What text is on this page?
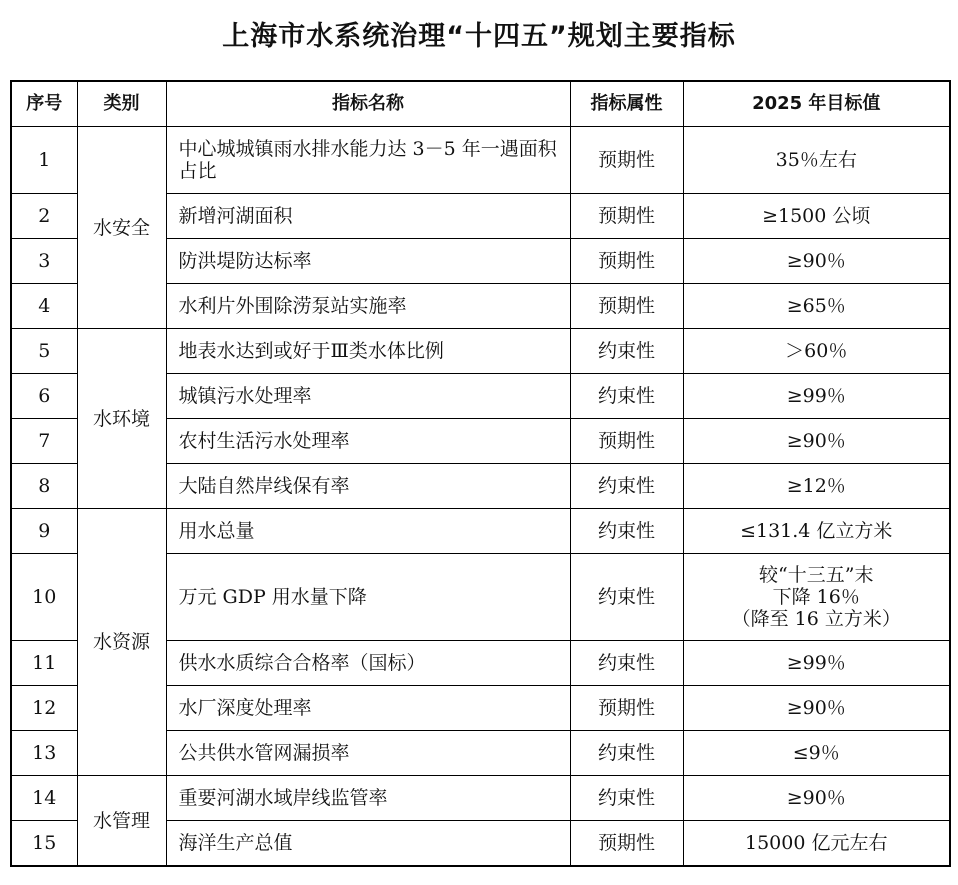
上海市水系统治理“十四五”规划主要指标
序号	类别	指标名称	指标属性	2025 年目标值
1	水安全	中心城城镇雨水排水能力达 3－5 年一遇面积占比	预期性	35％左右
2		新增河湖面积	预期性	≥1500 公顷
3		防洪堤防达标率	预期性	≥90％
4		水利片外围除涝泵站实施率	预期性	≥65％
5	水环境	地表水达到或好于Ⅲ类水体比例	约束性	＞60％
6		城镇污水处理率	约束性	≥99％
7		农村生活污水处理率	预期性	≥90％
8		大陆自然岸线保有率	约束性	≥12％
9	水资源	用水总量	约束性	≤131.4 亿立方米
10		万元 GDP 用水量下降	约束性	较“十三五”末
下降 16％
（降至 16 立方米）

11		供水水质综合合格率（国标）	约束性	≥99％
12		水厂深度处理率	预期性	≥90％
13		公共供水管网漏损率	约束性	≤9％
14	水管理	重要河湖水域岸线监管率	约束性	≥90％
15		海洋生产总值	预期性	15000 亿元左右
